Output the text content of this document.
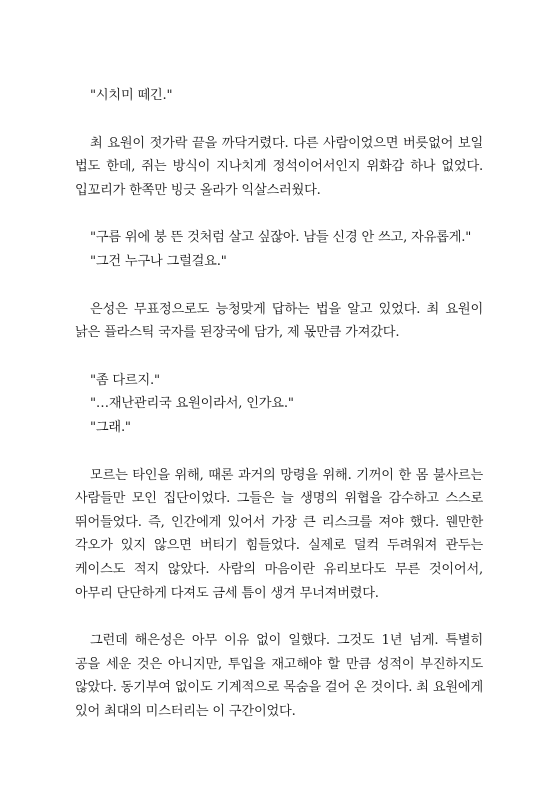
"시치미 떼긴."

최 요원이 젓가락 끝을 까닥거렸다. 다른 사람이었으면 버릇없어 보일 법도 한데, 쥐는 방식이 지나치게 정석이어서인지 위화감 하나 없었다. 입꼬리가 한쪽만 빙긋 올라가 익살스러웠다.

"구름 위에 붕 뜬 것처럼 살고 싶잖아. 남들 신경 안 쓰고, 자유롭게."

"그건 누구나 그럴걸요."

은성은 무표정으로도 능청맞게 답하는 법을 알고 있었다. 최 요원이 낡은 플라스틱 국자를 된장국에 담가, 제 몫만큼 가져갔다.

"좀 다르지."

"…재난관리국 요원이라서, 인가요."

"그래."

모르는 타인을 위해, 때론 과거의 망령을 위해. 기꺼이 한 몸 불사르는 사람들만 모인 집단이었다. 그들은 늘 생명의 위협을 감수하고 스스로 뛰어들었다. 즉, 인간에게 있어서 가장 큰 리스크를 져야 했다. 웬만한 각오가 있지 않으면 버티기 힘들었다. 실제로 덜컥 두려워져 관두는 케이스도 적지 않았다. 사람의 마음이란 유리보다도 무른 것이어서, 아무리 단단하게 다져도 금세 틈이 생겨 무너져버렸다.

그런데 해은성은 아무 이유 없이 일했다. 그것도 1년 넘게. 특별히 공을 세운 것은 아니지만, 투입을 재고해야 할 만큼 성적이 부진하지도 않았다. 동기부여 없이도 기계적으로 목숨을 걸어 온 것이다. 최 요원에게 있어 최대의 미스터리는 이 구간이었다.
